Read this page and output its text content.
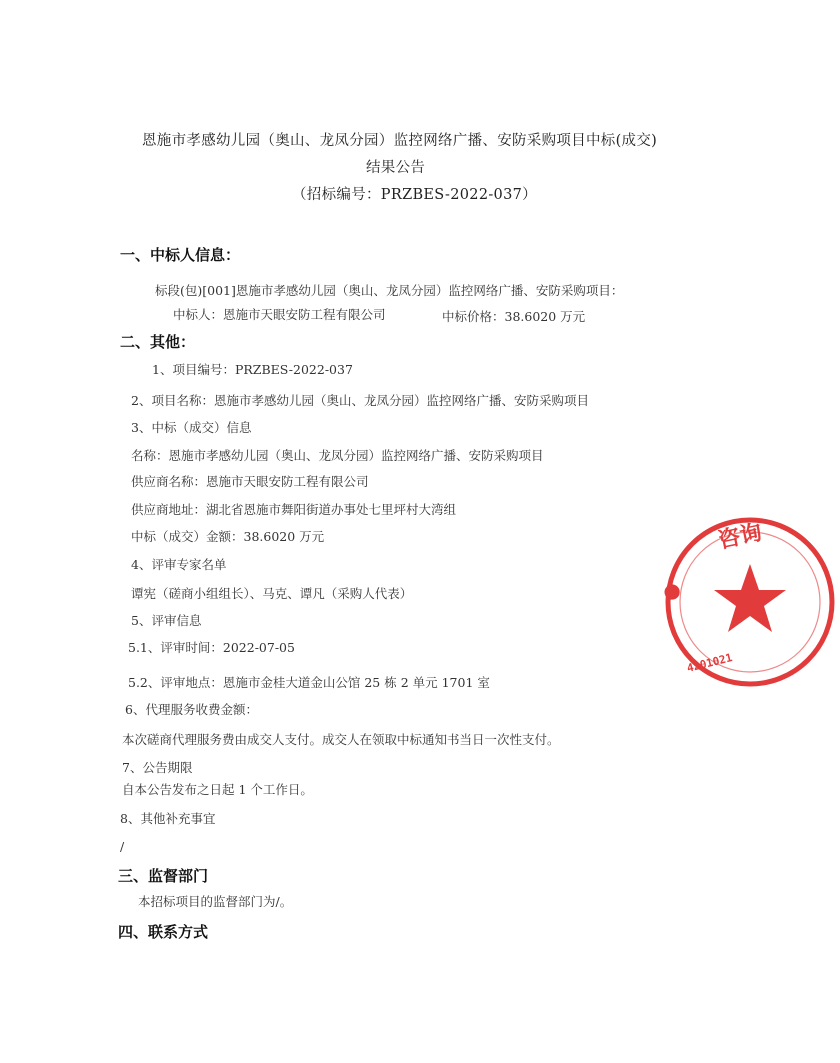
恩施市孝感幼儿园（奥山、龙凤分园）监控网络广播、安防采购项目中标(成交)
结果公告
（招标编号：PRZBES-2022-037）
一、中标人信息：
标段(包)[001]恩施市孝感幼儿园（奥山、龙凤分园）监控网络广播、安防采购项目：
中标人：恩施市天眼安防工程有限公司	中标价格：38.6020 万元
二、其他：
1、项目编号：PRZBES-2022-037
2、项目名称：恩施市孝感幼儿园（奥山、龙凤分园）监控网络广播、安防采购项目
3、中标（成交）信息
名称：恩施市孝感幼儿园（奥山、龙凤分园）监控网络广播、安防采购项目
供应商名称：恩施市天眼安防工程有限公司
供应商地址：湖北省恩施市舞阳街道办事处七里坪村大湾组
中标（成交）金额：38.6020 万元
4、评审专家名单
谭宪（磋商小组组长）、马克、谭凡（采购人代表）
5、评审信息
5.1、评审时间：2022-07-05
5.2、评审地点：恩施市金桂大道金山公馆 25 栋 2 单元 1701 室
6、代理服务收费金额：
本次磋商代理服务费由成交人支付。成交人在领取中标通知书当日一次性支付。
7、公告期限
自本公告发布之日起 1 个工作日。
8、其他补充事宜
/
三、监督部门
本招标项目的监督部门为/。
四、联系方式
咨询
●
4201021
